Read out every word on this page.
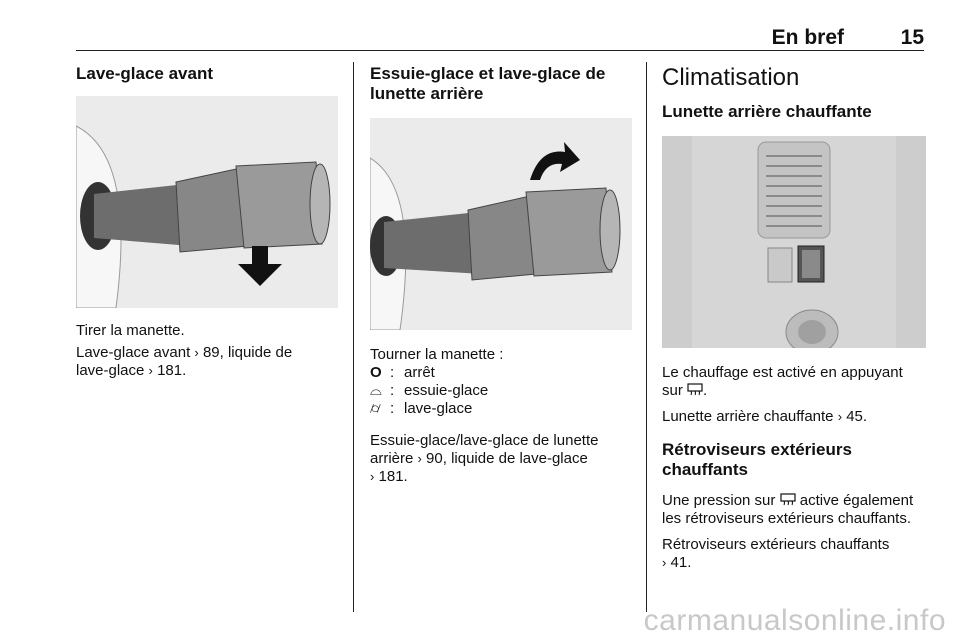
En bref	15
Lave-glace avant

Tirer la manette.

Lave-glace avant › 89, liquide de
lave-glace › 181.

Essuie-glace et lave-glace de
lunette arrière

Tourner la manette :

O : arrêt
⌓ : essuie-glace
⌭ : lave-glace

Essuie-glace/lave-glace de lunette
arrière › 90, liquide de lave-glace
› 181.

Climatisation
Lunette arrière chauffante

Le chauffage est activé en appuyant
sur .

Lunette arrière chauffante › 45.

Rétroviseurs extérieurs
chauffants

Une pression sur active également
les rétroviseurs extérieurs chauffants.

Rétroviseurs extérieurs chauffants
› 41.

carmanualsonline.info
